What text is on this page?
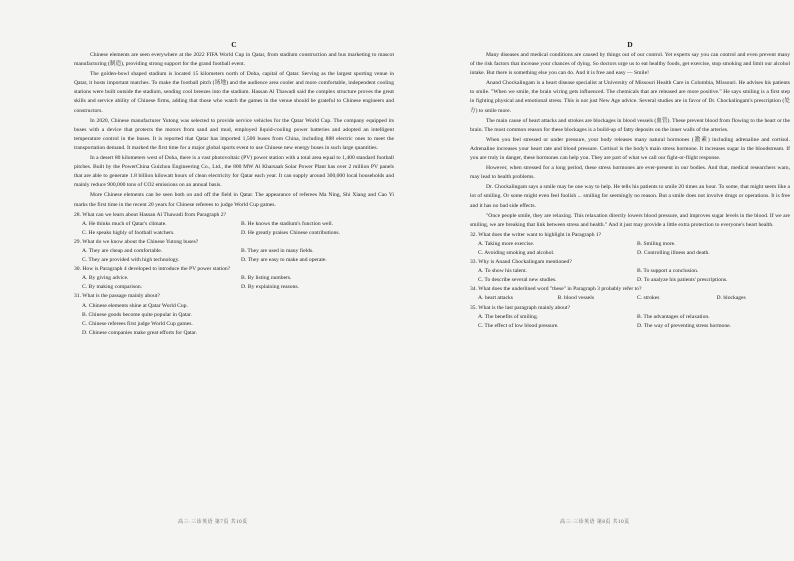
C

Chinese elements are seen everywhere at the 2022 FIFA World Cup in Qatar, from stadium construction and bus marketing to mascot manufacturing (制造), providing strong support for the grand football event.

The golden-bowl shaped stadium is located 15 kilometers north of Doha, capital of Qatar. Serving as the largest sporting venue in Qatar, it hosts important matches. To make the football pitch (场地) and the audience area cooler and more comfortable, independent cooling stations were built outside the stadium, sending cool breezes into the stadium. Hassan Al Thawadi said the complex structure proves the great skills and service ability of Chinese firms, adding that those who watch the games in the venue should be grateful to Chinese engineers and constructors.

In 2020, Chinese manufacturer Yutong was selected to provide service vehicles for the Qatar World Cup. The company equipped its buses with a device that protects the motors from sand and mud, employed liquid-cooling power batteries and adopted an intelligent temperature control in the buses. It is reported that Qatar has imported 1,500 buses from China, including 888 electric ones to meet the transportation demand. It marked the first time for a major global sports event to use Chinese new energy buses in such large quantities.

In a desert 80 kilometers west of Doha, there is a vast photovoltaic (PV) power station with a total area equal to 1,400 standard football pitches. Built by the PowerChina Guizhou Engineering Co., Ltd., the 800 MW Al Kharsaah Solar Power Plant has over 2 million PV panels that are able to generate 1.8 billion kilowatt hours of clean electricity for Qatar each year. It can supply around 300,000 local households and mainly reduce 900,000 tons of CO2 emissions on an annual basis.

More Chinese elements can be seen both on and off the field in Qatar. The appearance of referees Ma Ning, Shi Xiang and Cao Yi marks the first time in the recent 20 years for Chinese referees to judge World Cup games.

28. What can we learn about Hassan Al Thawadi from Paragraph 2?

A. He thinks much of Qatar's climate.	B. He knows the stadium's function well.
C. He speaks highly of football watchers.	D. He greatly praises Chinese contributions.

29. What do we know about the Chinese Yutong buses?

A. They are cheap and comfortable.	B. They are used in many fields.
C. They are provided with high technology.	D. They are easy to make and operate.

30. How is Paragraph 4 developed to introduce the PV power station?

A. By giving advice.	B. By listing numbers.
C. By making comparison.	D. By explaining reasons.

31. What is the passage mainly about?

A. Chinese elements shine at Qatar World Cup.
B. Chinese goods become quite popular in Qatar.
C. Chinese referees first judge World Cup games.
D. Chinese companies make great efforts for Qatar.
D

Many diseases and medical conditions are caused by things out of our control. Yet experts say you can control and even prevent many of the risk factors that increase your chances of dying. So doctors urge us to eat healthy foods, get exercise, stop smoking and limit our alcohol intake. But there is something else you can do. And it is free and easy — Smile!

Anand Chockalingam is a heart disease specialist at University of Missouri Health Care in Columbia, Missouri. He advises his patients to smile. "When we smile, the brain wiring gets influenced. The chemicals that are released are more positive." He says smiling is a first step in fighting physical and emotional stress. This is not just New Age advice. Several studies are in favor of Dr. Chockalingam's prescription (处方) to smile more.

The main cause of heart attacks and strokes are blockages in blood vessels (血管). These prevent blood from flowing to the heart or the brain. The most common reason for these blockages is a build-up of fatty deposits on the inner walls of the arteries.

When you feel stressed or under pressure, your body releases many natural hormones (激素) including adrenaline and cortisol. Adrenaline increases your heart rate and blood pressure. Cortisol is the body's main stress hormone. It increases sugar in the bloodstream. If you are truly in danger, these hormones can help you. They are part of what we call our fight-or-flight response.

However, when stressed for a long period, these stress hormones are ever-present in our bodies. And that, medical researchers warn, may lead to health problems.

Dr. Chockalingam says a smile may be one way to help. He tells his patients to smile 20 times an hour. To some, that might seem like a lot of smiling. Or some might even feel foolish ... smiling for seemingly no reason. But a smile does not involve drugs or operations. It is free and it has no bad side effects.

"Once people smile, they are relaxing. This relaxation directly lowers blood pressure, and improves sugar levels in the blood. If we are smiling, we are breaking that link between stress and health." And it just may provide a little extra protection to everyone's heart health.

32. What does the writer want to highlight in Paragraph 1?

A. Taking more exercise.	B. Smiling more.
C. Avoiding smoking and alcohol.	D. Controlling illness and death.

33. Why is Anand Chockalingam mentioned?

A. To show his talent.	B. To support a conclusion.
C. To describe several new studies.	D. To analyze his patients' prescriptions.

34. What does the underlined word "these" in Paragraph 3 probably refer to?

A. heart attacks	B. blood vessels	C. strokes	D. blockages

35. What is the last paragraph mainly about?

A. The benefits of smiling.	B. The advantages of relaxation.
C. The effect of low blood pressure.	D. The way of preventing stress hormone.
高三·三诊英语 第7页 共10页	高三·三诊英语 第8页 共10页
